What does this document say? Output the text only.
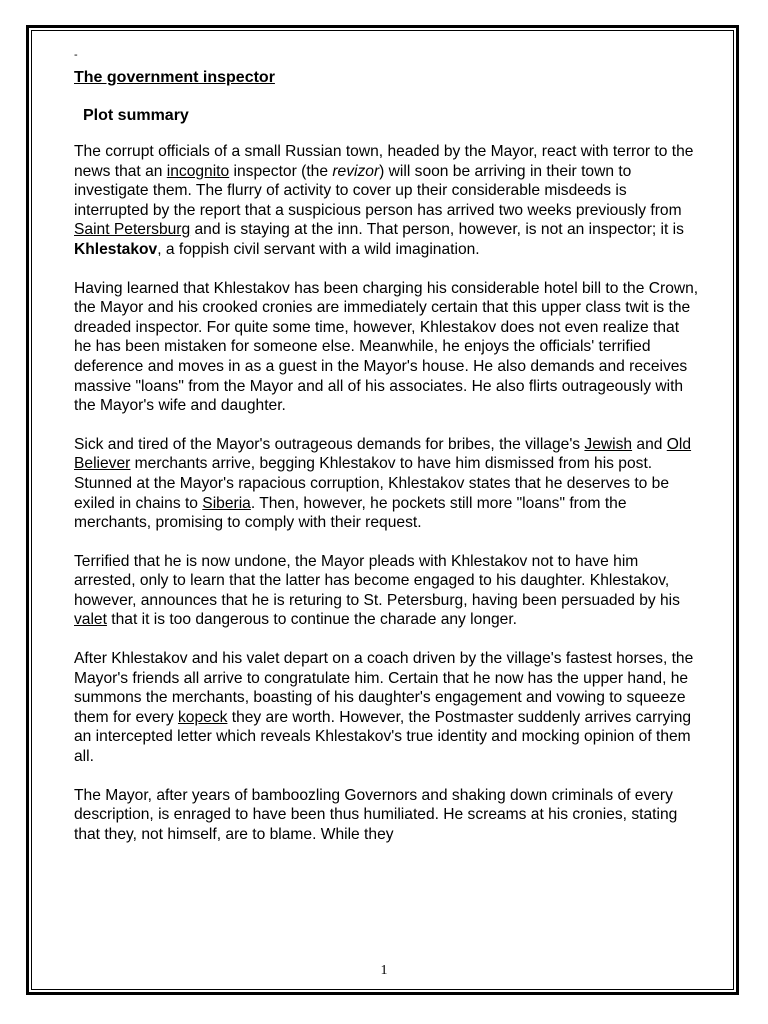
-
The government inspector
Plot summary

The corrupt officials of a small Russian town, headed by the Mayor, react with terror to the news that an incognito inspector (the revizor) will soon be arriving in their town to investigate them. The flurry of activity to cover up their considerable misdeeds is interrupted by the report that a suspicious person has arrived two weeks previously from Saint Petersburg and is staying at the inn. That person, however, is not an inspector; it is Khlestakov, a foppish civil servant with a wild imagination.

Having learned that Khlestakov has been charging his considerable hotel bill to the Crown, the Mayor and his crooked cronies are immediately certain that this upper class twit is the dreaded inspector. For quite some time, however, Khlestakov does not even realize that he has been mistaken for someone else. Meanwhile, he enjoys the officials' terrified deference and moves in as a guest in the Mayor's house. He also demands and receives massive "loans" from the Mayor and all of his associates. He also flirts outrageously with the Mayor's wife and daughter.

Sick and tired of the Mayor's outrageous demands for bribes, the village's Jewish and Old Believer merchants arrive, begging Khlestakov to have him dismissed from his post. Stunned at the Mayor's rapacious corruption, Khlestakov states that he deserves to be exiled in chains to Siberia. Then, however, he pockets still more "loans" from the merchants, promising to comply with their request.

Terrified that he is now undone, the Mayor pleads with Khlestakov not to have him arrested, only to learn that the latter has become engaged to his daughter. Khlestakov, however, announces that he is returing to St. Petersburg, having been persuaded by his valet that it is too dangerous to continue the charade any longer.

After Khlestakov and his valet depart on a coach driven by the village's fastest horses, the Mayor's friends all arrive to congratulate him. Certain that he now has the upper hand, he summons the merchants, boasting of his daughter's engagement and vowing to squeeze them for every kopeck they are worth. However, the Postmaster suddenly arrives carrying an intercepted letter which reveals Khlestakov's true identity and mocking opinion of them all.

The Mayor, after years of bamboozling Governors and shaking down criminals of every description, is enraged to have been thus humiliated. He screams at his cronies, stating that they, not himself, are to blame. While they

1
